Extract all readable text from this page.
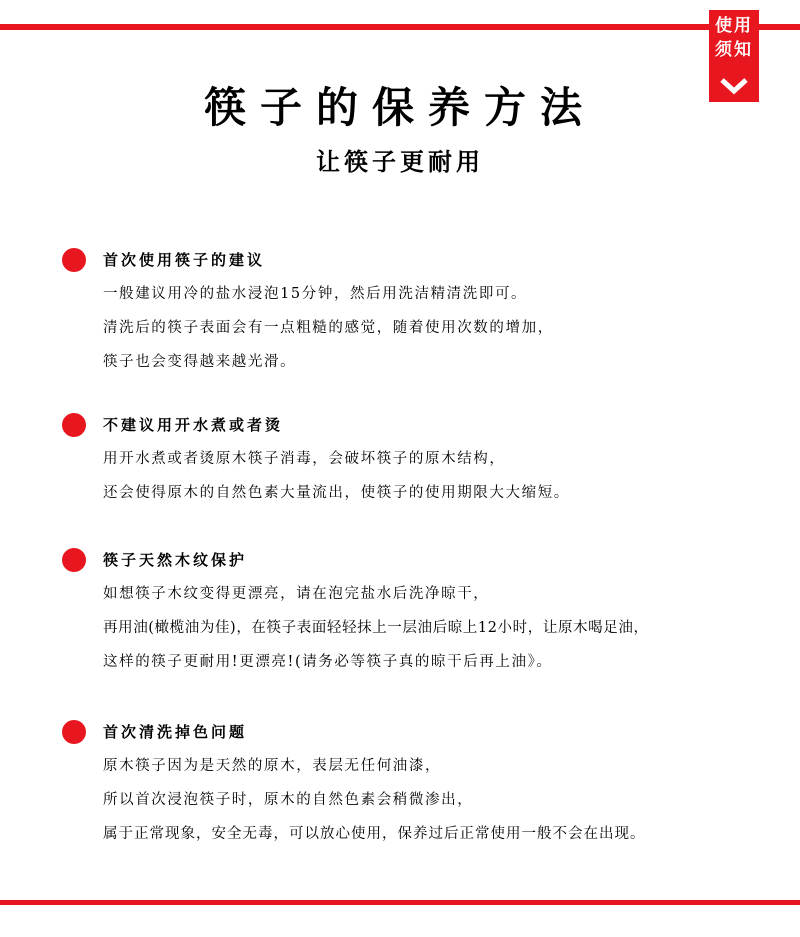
使用
须知
筷子的保养方法
让筷子更耐用
首次使用筷子的建议
一般建议用冷的盐水浸泡15分钟，然后用洗洁精清洗即可。
清洗后的筷子表面会有一点粗糙的感觉，随着使用次数的增加，
筷子也会变得越来越光滑。
不建议用开水煮或者烫
用开水煮或者烫原木筷子消毒，会破坏筷子的原木结构，
还会使得原木的自然色素大量流出，使筷子的使用期限大大缩短。
筷子天然木纹保护
如想筷子木纹变得更漂亮，请在泡完盐水后洗净晾干，
再用油(橄榄油为佳)，在筷子表面轻轻抹上一层油后晾上12小时，让原木喝足油，
这样的筷子更耐用!更漂亮!(请务必等筷子真的晾干后再上油》。
首次清洗掉色问题
原木筷子因为是天然的原木，表层无任何油漆，
所以首次浸泡筷子时，原木的自然色素会稍微渗出，
属于正常现象，安全无毒，可以放心使用，保养过后正常使用一般不会在出现。
